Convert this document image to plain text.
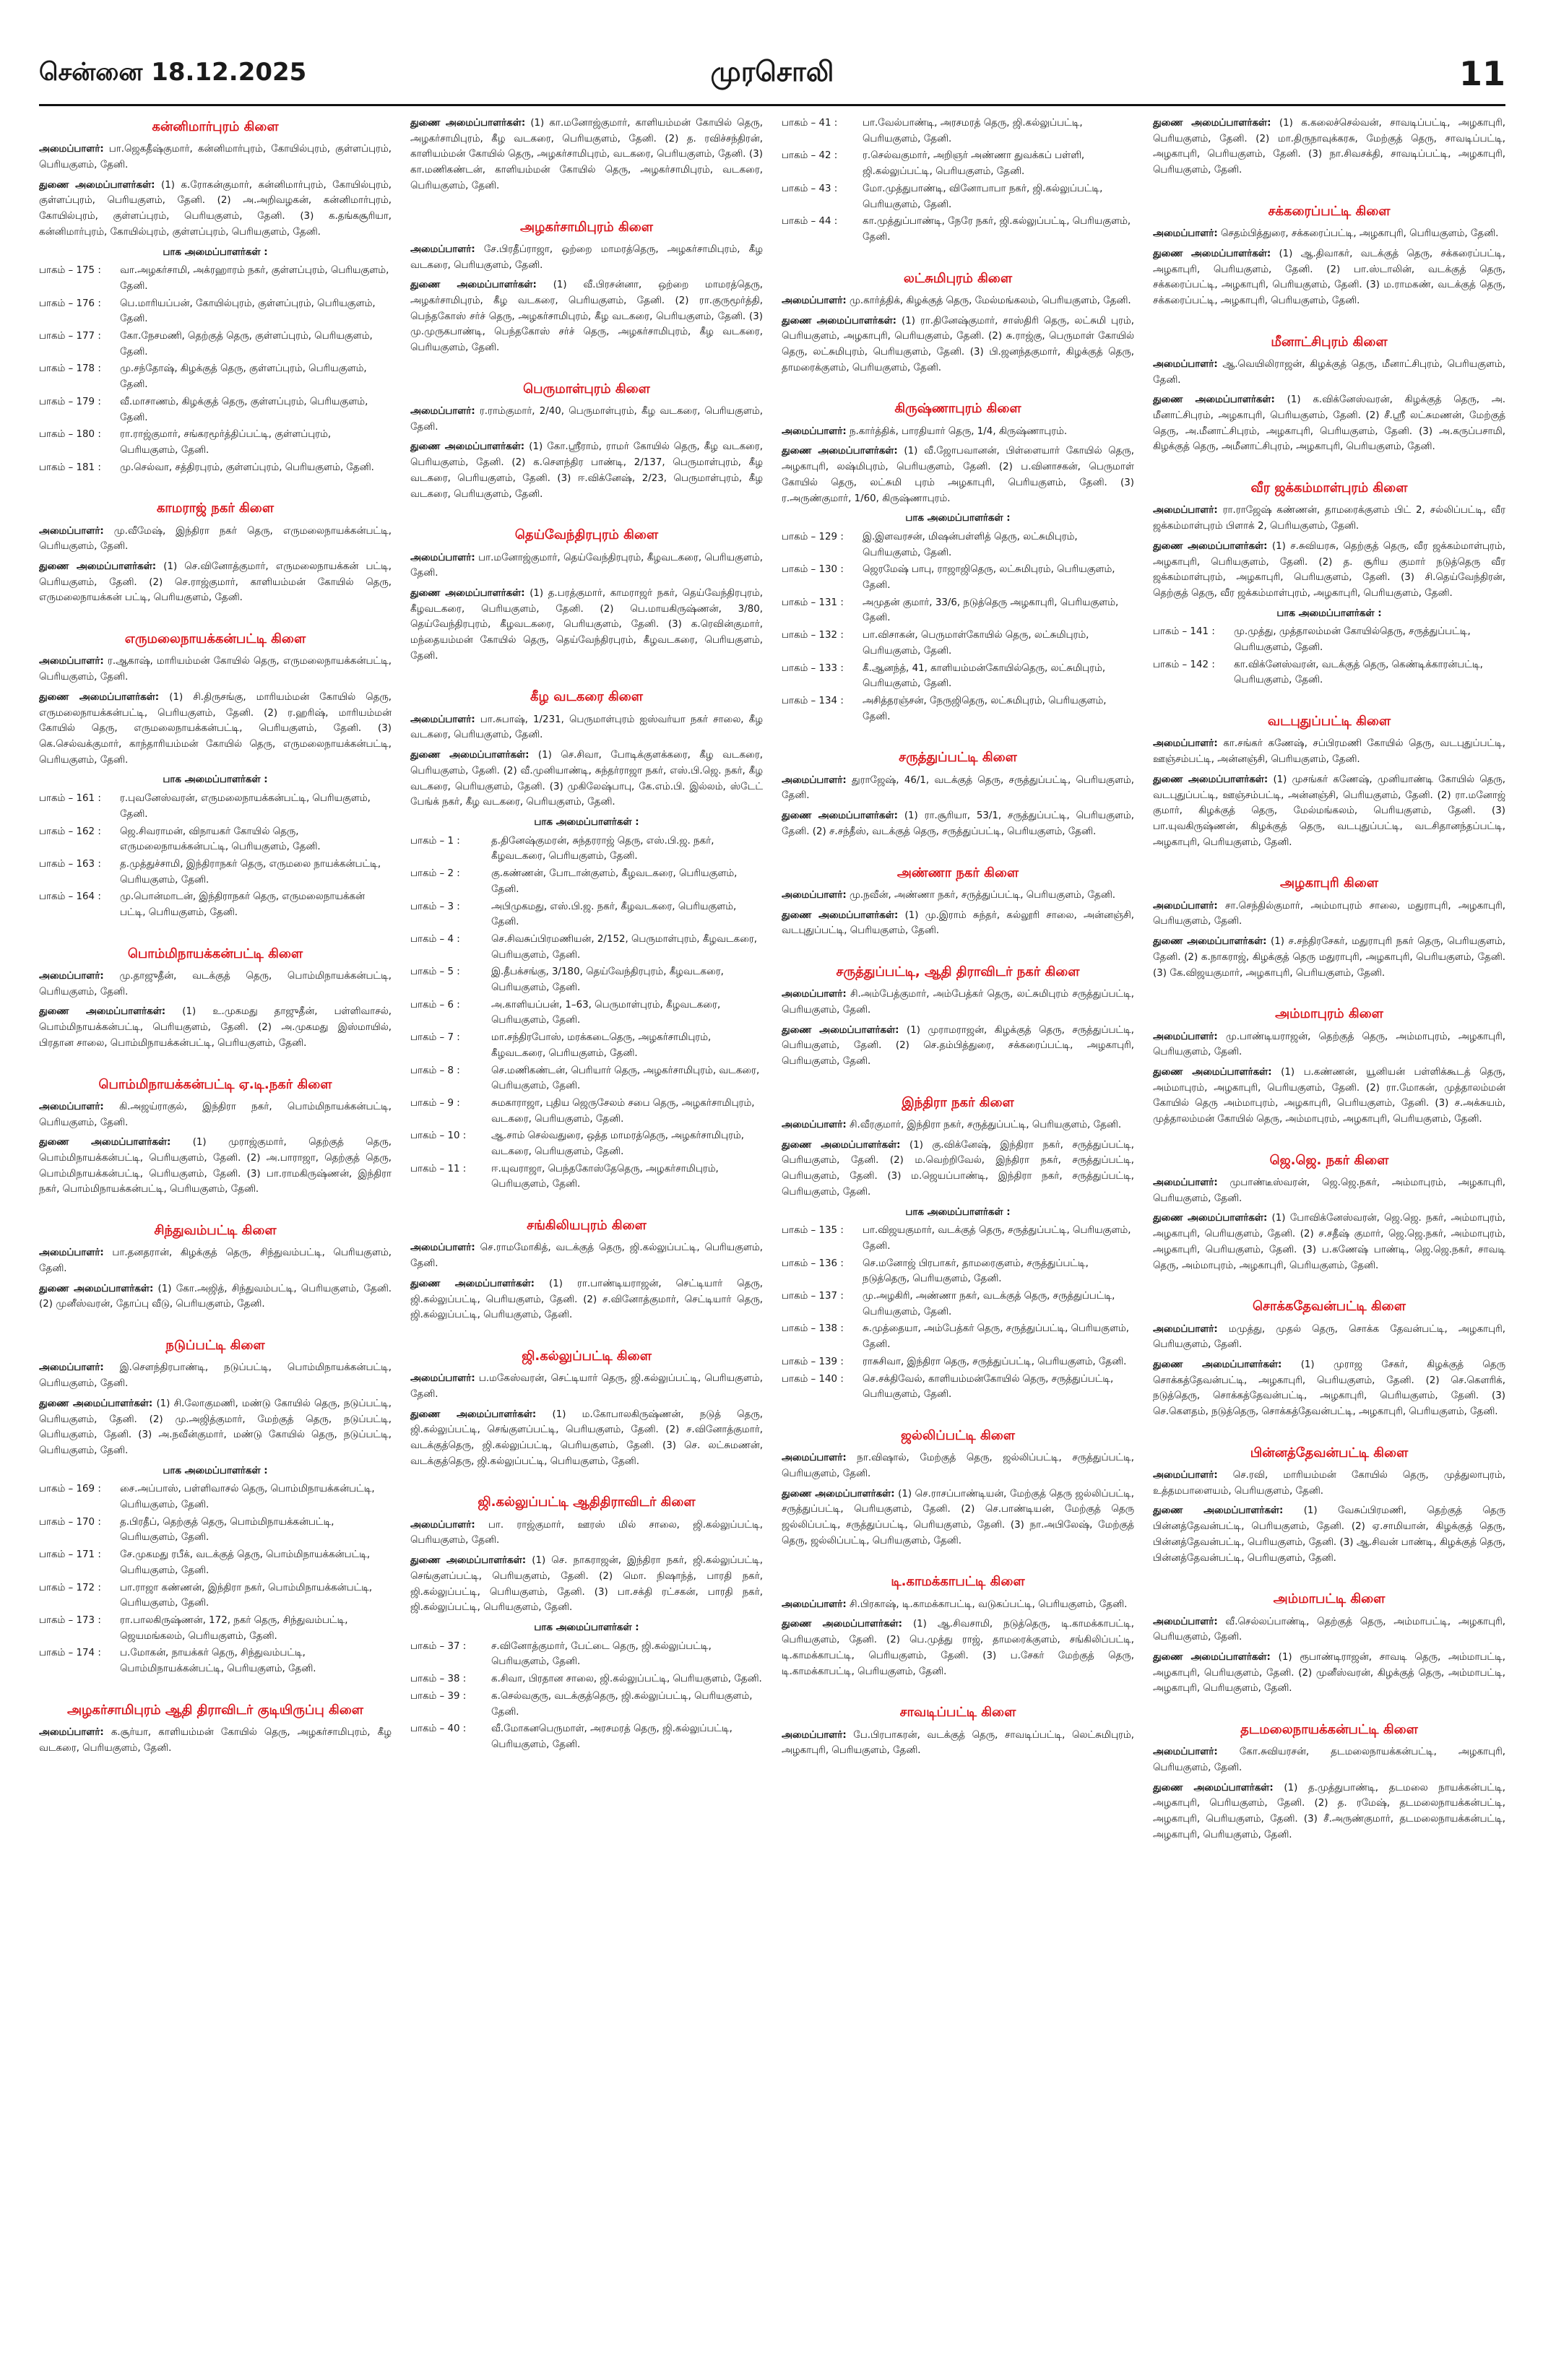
சென்னை 18.12.2025	முரசொலி	11
கன்னிமார்புரம் கிளை
அமைப்பாளர்: பா.ஜெகதீஷ்குமார், கன்னிமார்புரம், கோயில்புரம், குள்ளப்புரம், பெரியகுளம், தேனி.
துணை அமைப்பாளர்கள்: (1) க.ரோகன்குமார், கன்னிமார்புரம், கோயில்புரம், குள்ளப்புரம், பெரியகுளம், தேனி. (2) அ.அறிவழகன், கன்னிமார்புரம், கோயில்புரம், குள்ளப்புரம், பெரியகுளம், தேனி. (3) க.தங்கசூரியா, கன்னிமார்புரம், கோயில்புரம், குள்ளப்புரம், பெரியகுளம், தேனி.
பாக அமைப்பாளர்கள் :
பாகம் – 175 :	வா.அழகர்சாமி, அக்ரஹாரம் நகர், குள்ளப்புரம், பெரியகுளம், தேனி.
பாகம் – 176 :	பெ.மாரியப்பன், கோயில்புரம், குள்ளப்புரம், பெரியகுளம், தேனி.
பாகம் – 177 :	கோ.நேசமணி, தெற்குத் தெரு, குள்ளப்புரம், பெரியகுளம், தேனி.
பாகம் – 178 :	மு.சந்தோஷ், கிழக்குத் தெரு, குள்ளப்புரம், பெரியகுளம், தேனி.
பாகம் – 179 :	வீ.மாசாணம், கிழக்குத் தெரு, குள்ளப்புரம், பெரியகுளம், தேனி.
பாகம் – 180 :	ரா.ராஜ்குமார், சங்கரமூர்த்திப்பட்டி, குள்ளப்புரம், பெரியகுளம், தேனி.
பாகம் – 181 :	மு.செல்வா, சத்திரபுரம், குள்ளப்புரம், பெரியகுளம், தேனி.
காமராஜ் நகர் கிளை
அமைப்பாளர்: மு.வீமேஷ், இந்திரா நகர் தெரு, எருமலைநாயக்கன்பட்டி, பெரியகுளம், தேனி.
துணை அமைப்பாளர்கள்: (1) செ.வினோத்குமார், எருமலைநாயக்கன் பட்டி, பெரியகுளம், தேனி. (2) செ.ராஜ்குமார், காளியம்மன் கோயில் தெரு, எருமலைநாயக்கன் பட்டி, பெரியகுளம், தேனி.
எருமலைநாயக்கன்பட்டி கிளை
அமைப்பாளர்: ர.ஆகாஷ், மாரியம்மன் கோயில் தெரு, எருமலைநாயக்கன்பட்டி, பெரியகுளம், தேனி.
துணை அமைப்பாளர்கள்: (1) சி.திருசங்கு, மாரியம்மன் கோயில் தெரு, எருமலைநாயக்கன்பட்டி, பெரியகுளம், தேனி. (2) ர.ஹரிஷ், மாரியம்மன் கோயில் தெரு, எருமலைநாயக்கன்பட்டி, பெரியகுளம், தேனி. (3) கெ.செல்வக்குமார், காந்தாரியம்மன் கோயில் தெரு, எருமலைநாயக்கன்பட்டி, பெரியகுளம், தேனி.
பாக அமைப்பாளர்கள் :
பாகம் – 161 :	ர.புவனேஸ்வரன், எருமலைநாயக்கன்பட்டி, பெரியகுளம், தேனி.
பாகம் – 162 :	ஜெ.சிவராமன், விநாயகர் கோயில் தெரு, எருமலைநாயக்கன்பட்டி, பெரியகுளம், தேனி.
பாகம் – 163 :	த.முத்துச்சாமி, இந்திராநகர் தெரு, எருமலை நாயக்கன்பட்டி, பெரியகுளம், தேனி.
பாகம் – 164 :	மு.பொன்மாடன், இந்திராநகர் தெரு, எருமலைநாயக்கன் பட்டி, பெரியகுளம், தேனி.
பொம்மிநாயக்கன்பட்டி கிளை
அமைப்பாளர்: மு.தாஜுதீன், வடக்குத் தெரு, பொம்மிநாயக்கன்பட்டி, பெரியகுளம், தேனி.
துணை அமைப்பாளர்கள்: (1) உ.முகமது தாஜுதீன், பள்ளிவாசல், பொம்மிநாயக்கன்பட்டி, பெரியகுளம், தேனி. (2) அ.முகமது இஸ்மாயில், பிரதான சாலை, பொம்மிநாயக்கன்பட்டி, பெரியகுளம், தேனி.
பொம்மிநாயக்கன்பட்டி ஏ.டி.நகர் கிளை
அமைப்பாளர்: கி.அஜய்ராகுல், இந்திரா நகர், பொம்மிநாயக்கன்பட்டி, பெரியகுளம், தேனி.
துணை அமைப்பாளர்கள்: (1) முராஜ்குமார், தெற்குத் தெரு, பொம்மிநாயக்கன்பட்டி, பெரியகுளம், தேனி. (2) அ.பாராஜா, தெற்குத் தெரு, பொம்மிநாயக்கன்பட்டி, பெரியகுளம், தேனி. (3) பா.ராமகிருஷ்ணன், இந்திரா நகர், பொம்மிநாயக்கன்பட்டி, பெரியகுளம், தேனி.
சிந்துவம்பட்டி கிளை
அமைப்பாளர்: பா.தனதரான், கிழக்குத் தெரு, சிந்துவம்பட்டி, பெரியகுளம், தேனி.
துணை அமைப்பாளர்கள்: (1) கோ.அஜித், சிந்துவம்பட்டி, பெரியகுளம், தேனி. (2) முனீஸ்வரன், தோப்பு வீடு, பெரியகுளம், தேனி.
நடுப்பட்டி கிளை
அமைப்பாளர்: இ.செளந்திரபாண்டி, நடுப்பட்டி, பொம்மிநாயக்கன்பட்டி, பெரியகுளம், தேனி.
துணை அமைப்பாளர்கள்: (1) சி.லோகுமணி, மண்டு கோயில் தெரு, நடுப்பட்டி, பெரியகுளம், தேனி. (2) மு.அஜித்குமார், மேற்குத் தெரு, நடுப்பட்டி, பெரியகுளம், தேனி. (3) அ.நவீன்குமார், மண்டு கோயில் தெரு, நடுப்பட்டி, பெரியகுளம், தேனி.
பாக அமைப்பாளர்கள் :
பாகம் – 169 :	சை.அப்பாஸ், பள்ளிவாசல் தெரு, பொம்மிநாயக்கன்பட்டி, பெரியகுளம், தேனி.
பாகம் – 170 :	த.பிரதீப், தெற்குத் தெரு, பொம்மிநாயக்கன்பட்டி, பெரியகுளம், தேனி.
பாகம் – 171 :	சே.முகமது ரபீக், வடக்குத் தெரு, பொம்மிநாயக்கன்பட்டி, பெரியகுளம், தேனி.
பாகம் – 172 :	பா.ராஜா கண்ணன், இந்திரா நகர், பொம்மிநாயக்கன்பட்டி, பெரியகுளம், தேனி.
பாகம் – 173 :	ரா.பாலகிருஷ்ணன், 172, நகர் தெரு, சிந்துவம்பட்டி, ஜெயமங்கலம், பெரியகுளம், தேனி.
பாகம் – 174 :	ப.மோகன், நாயக்கர் தெரு, சிந்துவம்பட்டி, பொம்மிநாயக்கன்பட்டி, பெரியகுளம், தேனி.
அழகர்சாமிபுரம் ஆதி திராவிடர் குடியிருப்பு கிளை
அமைப்பாளர்: க.சூர்யா, காளியம்மன் கோயில் தெரு, அழகர்சாமிபுரம், கீழ வடகரை, பெரியகுளம், தேனி.
துணை அமைப்பாளர்கள்: (1) கா.மனோஜ்குமார், காளியம்மன் கோயில் தெரு, அழகர்சாமிபுரம், கீழ வடகரை, பெரியகுளம், தேனி. (2) த. ரவிச்சந்திரன், காளியம்மன் கோயில் தெரு, அழகர்சாமிபுரம், வடகரை, பெரியகுளம், தேனி. (3) கா.மணிகண்டன், காளியம்மன் கோயில் தெரு, அழகர்சாமிபுரம், வடகரை, பெரியகுளம், தேனி.
அழகர்சாமிபுரம் கிளை
அமைப்பாளர்: சே.பிரதீப்ராஜா, ஒற்றை மாமரத்தெரு, அழகர்சாமிபுரம், கீழ வடகரை, பெரியகுளம், தேனி.
துணை அமைப்பாளர்கள்: (1) வீ.பிரசன்னா, ஒற்றை மாமரத்தெரு, அழகர்சாமிபுரம், கீழ வடகரை, பெரியகுளம், தேனி. (2) ரா.குருமூர்த்தி, பெந்தகோஸ் சர்ச் தெரு, அழகர்சாமிபுரம், கீழ வடகரை, பெரியகுளம், தேனி. (3) மு.முருகபாண்டி, பெந்தகோஸ் சர்ச் தெரு, அழகர்சாமிபுரம், கீழ வடகரை, பெரியகுளம், தேனி.
பெருமாள்புரம் கிளை
அமைப்பாளர்: ர.ராம்குமார், 2/40, பெருமாள்புரம், கீழ வடகரை, பெரியகுளம், தேனி.
துணை அமைப்பாளர்கள்: (1) கோ.ஸ்ரீராம், ராமர் கோயில் தெரு, கீழ வடகரை, பெரியகுளம், தேனி. (2) க.செளந்திர பாண்டி, 2/137, பெருமாள்புரம், கீழ வடகரை, பெரியகுளம், தேனி. (3) ஈ.விக்னேஷ், 2/23, பெருமாள்புரம், கீழ வடகரை, பெரியகுளம், தேனி.
தெய்வேந்திரபுரம் கிளை
அமைப்பாளர்: பா.மனோஜ்குமார், தெய்வேந்திரபுரம், கீழவடகரை, பெரியகுளம், தேனி.
துணை அமைப்பாளர்கள்: (1) த.பரத்குமார், காமராஜர் நகர், தெய்வேந்திரபுரம், கீழவடகரை, பெரியகுளம், தேனி. (2) பெ.மாயகிருஷ்ணன், 3/80, தெய்வேந்திரபுரம், கீழவடகரை, பெரியகுளம், தேனி. (3) க.ரெவின்குமார், மந்தையம்மன் கோயில் தெரு, தெய்வேந்திரபுரம், கீழவடகரை, பெரியகுளம், தேனி.
கீழ வடகரை கிளை
அமைப்பாளர்: பா.சுபாஷ், 1/231, பெருமாள்புரம் ஐஸ்வர்யா நகர் சாலை, கீழ வடகரை, பெரியகுளம், தேனி.
துணை அமைப்பாளர்கள்: (1) செ.சிவா, போடிக்குளக்கரை, கீழ வடகரை, பெரியகுளம், தேனி. (2) வீ.முனியாண்டி, சுந்தர்ராஜா நகர், எஸ்.பி.ஜெ. நகர், கீழ வடகரை, பெரியகுளம், தேனி. (3) முகிலேஷ்பாபு, கே.எம்.பி. இல்லம், ஸ்டேட் பேங்க் நகர், கீழ வடகரை, பெரியகுளம், தேனி.
பாக அமைப்பாளர்கள் :
பாகம் – 1 :	த.தினேஷ்குமரன், சுந்தரராஜ் தெரு, எஸ்.பி.ஜ. நகர், கீழவடகரை, பெரியகுளம், தேனி.
பாகம் – 2 :	கு.கண்ணன், போடான்குளம், கீழவடகரை, பெரியகுளம், தேனி.
பாகம் – 3 :	அபிமுகமது, எஸ்.பி.ஜ. நகர், கீழவடகரை, பெரியகுளம், தேனி.
பாகம் – 4 :	செ.சிவசுப்பிரமணியன், 2/152, பெருமாள்புரம், கீழவடகரை, பெரியகுளம், தேனி.
பாகம் – 5 :	இ.தீபக்சங்கு, 3/180, தெய்வேந்திரபுரம், கீழவடகரை, பெரியகுளம், தேனி.
பாகம் – 6 :	அ.காளியப்பன், 1–63, பெருமாள்புரம், கீழவடகரை, பெரியகுளம், தேனி.
பாகம் – 7 :	மா.சந்திரபோஸ், மரக்கடைதெரு, அழகர்சாமிபுரம், கீழவடகரை, பெரியகுளம், தேனி.
பாகம் – 8 :	செ.மணிகண்டன், பெரியார் தெரு, அழகர்சாமிபுரம், வடகரை, பெரியகுளம், தேனி.
பாகம் – 9 :	சுமகாராஜா, புதிய ஜெருசேலம் சபை தெரு, அழகர்சாமிபுரம், வடகரை, பெரியகுளம், தேனி.
பாகம் – 10 :	ஆ.சாம் செல்வதுரை, ஒத்த மாமரத்தெரு, அழகர்சாமிபுரம், வடகரை, பெரியகுளம், தேனி.
பாகம் – 11 :	ஈ.யுவராஜா, பெந்தகோஸ்தேதெரு, அழகர்சாமிபுரம், பெரியகுளம், தேனி.
சங்கிலியபுரம் கிளை
அமைப்பாளர்: செ.ராமமோகித், வடக்குத் தெரு, ஜி.கல்லுப்பட்டி, பெரியகுளம், தேனி.
துணை அமைப்பாளர்கள்: (1) ரா.பாண்டியராஜன், செட்டியார் தெரு, ஜி.கல்லுப்பட்டி, பெரியகுளம், தேனி. (2) ச.வினோத்குமார், செட்டியார் தெரு, ஜி.கல்லுப்பட்டி, பெரியகுளம், தேனி.
ஜி.கல்லுப்பட்டி கிளை
அமைப்பாளர்: ப.மகேஸ்வரன், செட்டியார் தெரு, ஜி.கல்லுப்பட்டி, பெரியகுளம், தேனி.
துணை அமைப்பாளர்கள்: (1) ம.கோபாலகிருஷ்ணன், நடுத் தெரு, ஜி.கல்லுப்பட்டி, செங்குளப்பட்டி, பெரியகுளம், தேனி. (2) ச.வினோத்குமார், வடக்குத்தெரு, ஜி.கல்லுப்பட்டி, பெரியகுளம், தேனி. (3) செ. லட்சுமணன், வடக்குத்தெரு, ஜி.கல்லுப்பட்டி, பெரியகுளம், தேனி.
ஜி.கல்லுப்பட்டி ஆதிதிராவிடர் கிளை
அமைப்பாளர்: பா. ராஜ்குமார், ஊரஸ் மில் சாலை, ஜி.கல்லுப்பட்டி, பெரியகுளம், தேனி.
துணை அமைப்பாளர்கள்: (1) செ. நாகராஜன், இந்திரா நகர், ஜி.கல்லுப்பட்டி, செங்குளப்பட்டி, பெரியகுளம், தேனி. (2) மொ. நிஷாந்த், பாரதி நகர், ஜி.கல்லுப்பட்டி, பெரியகுளம், தேனி. (3) பா.சக்தி ரட்சகன், பாரதி நகர், ஜி.கல்லுப்பட்டி, பெரியகுளம், தேனி.
பாக அமைப்பாளர்கள் :
பாகம் – 37 :	ச.வினோத்குமார், பேட்டை தெரு, ஜி.கல்லுப்பட்டி, பெரியகுளம், தேனி.
பாகம் – 38 :	க.சிவா, பிரதான சாலை, ஜி.கல்லுப்பட்டி, பெரியகுளம், தேனி.
பாகம் – 39 :	க.செல்வகுரு, வடக்குத்தெரு, ஜி.கல்லுப்பட்டி, பெரியகுளம், தேனி.
பாகம் – 40 :	வீ.மோகனபெருமாள், அரசமரத் தெரு, ஜி.கல்லுப்பட்டி, பெரியகுளம், தேனி.
பாகம் – 41 :	பா.வேல்பாண்டி, அரசமரத் தெரு, ஜி.கல்லுப்பட்டி, பெரியகுளம், தேனி.
பாகம் – 42 :	ர.செல்வகுமார், அறிஞர் அண்ணா துவக்கப் பள்ளி, ஜி.கல்லுப்பட்டி, பெரியகுளம், தேனி.
பாகம் – 43 :	மோ.முத்துபாண்டி, வினோபாபா நகர், ஜி.கல்லுப்பட்டி, பெரியகுளம், தேனி.
பாகம் – 44 :	கா.முத்துப்பாண்டி, நேரே நகர், ஜி.கல்லுப்பட்டி, பெரியகுளம், தேனி.
லட்சுமிபுரம் கிளை
அமைப்பாளர்: மு.கார்த்திக், கிழக்குத் தெரு, மேல்மங்கலம், பெரியகுளம், தேனி.
துணை அமைப்பாளர்கள்: (1) ரா.தினேஷ்குமார், சாஸ்திரி தெரு, லட்சுமி புரம், பெரியகுளம், அழகாபுரி, பெரியகுளம், தேனி. (2) சு.ராஜ்கு, பெருமாள் கோயில் தெரு, லட்சுமிபுரம், பெரியகுளம், தேனி. (3) பி.ஜனந்தகுமார், கிழக்குத் தெரு, தாமரைக்குளம், பெரியகுளம், தேனி.
கிருஷ்ணாபுரம் கிளை
அமைப்பாளர்: ந.கார்த்திக், பாரதியார் தெரு, 1/4, கிருஷ்ணாபுரம்.
துணை அமைப்பாளர்கள்: (1) வீ.ஜோபவானன், பிள்ளையார் கோயில் தெரு, அழகாபுரி, லஷ்மிபுரம், பெரியகுளம், தேனி. (2) ப.வினாசகன், பெருமாள் கோயில் தெரு, லட்சுமி புரம் அழகாபுரி, பெரியகுளம், தேனி. (3) ர.அருண்குமார், 1/60, கிருஷ்ணாபுரம்.
பாக அமைப்பாளர்கள் :
பாகம் – 129 :	இ.இளவரசன், மிஷன்பள்ளித் தெரு, லட்சுமிபுரம், பெரியகுளம், தேனி.
பாகம் – 130 :	ஜெரமேஷ் பாபு, ராஜாஜிதெரு, லட்சுமிபுரம், பெரியகுளம், தேனி.
பாகம் – 131 :	அமுதன் குமார், 33/6, நடுத்தெரு அழகாபுரி, பெரியகுளம், தேனி.
பாகம் – 132 :	பா.விசாகன், பெருமாள்கோயில் தெரு, லட்சுமிபுரம், பெரியகுளம், தேனி.
பாகம் – 133 :	கீ.ஆனந்த், 41, காளியம்மன்கோயில்தெரு, லட்சுமிபுரம், பெரியகுளம், தேனி.
பாகம் – 134 :	அசித்தரஞ்சன், நேருஜிதெரு, லட்சுமிபுரம், பெரியகுளம், தேனி.
சருத்துப்பட்டி கிளை
அமைப்பாளர்: துராஜேஷ், 46/1, வடக்குத் தெரு, சருத்துப்பட்டி, பெரியகுளம், தேனி.
துணை அமைப்பாளர்கள்: (1) ரா.சூரியா, 53/1, சருத்துப்பட்டி, பெரியகுளம், தேனி. (2) ச.சந்தீஸ், வடக்குத் தெரு, சருத்துப்பட்டி, பெரியகுளம், தேனி.
அண்ணா நகர் கிளை
அமைப்பாளர்: மு.நவீன், அண்ணா நகர், சருத்துப்பட்டி, பெரியகுளம், தேனி.
துணை அமைப்பாளர்கள்: (1) மு.இராம் சுந்தர், கல்லூரி சாலை, அன்னஞ்சி, வடபுதுப்பட்டி, பெரியகுளம், தேனி.
சருத்துப்பட்டி, ஆதி திராவிடர் நகர் கிளை
அமைப்பாளர்: சி.அம்பேத்குமார், அம்பேத்கர் தெரு, லட்சுமிபுரம் சருத்துப்பட்டி, பெரியகுளம், தேனி.
துணை அமைப்பாளர்கள்: (1) முராமராஜன், கிழக்குத் தெரு, சருத்துப்பட்டி, பெரியகுளம், தேனி. (2) செ.தம்பித்துரை, சக்கரைப்பட்டி, அழகாபுரி, பெரியகுளம், தேனி.
இந்திரா நகர் கிளை
அமைப்பாளர்: சி.வீரகுமார், இந்திரா நகர், சருத்துப்பட்டி, பெரியகுளம், தேனி.
துணை அமைப்பாளர்கள்: (1) கு.விக்னேஷ், இந்திரா நகர், சருத்துப்பட்டி, பெரியகுளம், தேனி. (2) ம.வெற்றிவேல், இந்திரா நகர், சருத்துப்பட்டி, பெரியகுளம், தேனி. (3) ம.ஜெயப்பாண்டி, இந்திரா நகர், சருத்துப்பட்டி, பெரியகுளம், தேனி.
பாக அமைப்பாளர்கள் :
பாகம் – 135 :	பா.விஜயகுமார், வடக்குத் தெரு, சருத்துப்பட்டி, பெரியகுளம், தேனி.
பாகம் – 136 :	செ.மனோஜ் பிரபாகர், தாமரைகுளம், சருத்துப்பட்டி, நடுத்தெரு, பெரியகுளம், தேனி.
பாகம் – 137 :	மு.அழகிரி, அண்ணா நகர், வடக்குத் தெரு, சருத்துப்பட்டி, பெரியகுளம், தேனி.
பாகம் – 138 :	சு.முத்தையா, அம்பேத்கர் தெரு, சருத்துப்பட்டி, பெரியகுளம், தேனி.
பாகம் – 139 :	ராசுசிவா, இந்திரா தெரு, சருத்துப்பட்டி, பெரியகுளம், தேனி.
பாகம் – 140 :	செ.சக்திவேல், காளியம்மன்கோயில் தெரு, சருத்துப்பட்டி, பெரியகுளம், தேனி.
ஜல்லிப்பட்டி கிளை
அமைப்பாளர்: நா.விஷால், மேற்குத் தெரு, ஜல்லிப்பட்டி, சருத்துப்பட்டி, பெரியகுளம், தேனி.
துணை அமைப்பாளர்கள்: (1) செ.ராசப்பாண்டியன், மேற்குத் தெரு ஜல்லிப்பட்டி, சருத்துப்பட்டி, பெரியகுளம், தேனி. (2) செ.பாண்டியன், மேற்குத் தெரு ஜல்லிப்பட்டி, சருத்துப்பட்டி, பெரியகுளம், தேனி. (3) நா.அபிலேஷ், மேற்குத் தெரு, ஜல்லிப்பட்டி, பெரியகுளம், தேனி.
டி.காமக்காபட்டி கிளை
அமைப்பாளர்: சி.பிரகாஷ், டி.காமக்காபட்டி, வடுகப்பட்டி, பெரியகுளம், தேனி.
துணை அமைப்பாளர்கள்: (1) ஆ.சிவசாமி, நடுத்தெரு, டி.காமக்காபட்டி, பெரியகுளம், தேனி. (2) பெ.முத்து ராஜ், தாமரைக்குளம், சங்கிலிப்பட்டி, டி.காமக்காபட்டி, பெரியகுளம், தேனி. (3) ப.சேகர் மேற்குத் தெரு, டி.காமக்காபட்டி, பெரியகுளம், தேனி.
சாவடிப்பட்டி கிளை
அமைப்பாளர்: பே.பிரபாகரன், வடக்குத் தெரு, சாவடிப்பட்டி, லெட்சுமிபுரம், அழகாபுரி, பெரியகுளம், தேனி.
துணை அமைப்பாளர்கள்: (1) க.கலைச்செல்வன், சாவடிப்பட்டி, அழகாபுரி, பெரியகுளம், தேனி. (2) மா.திருநாவுக்கரசு, மேற்குத் தெரு, சாவடிப்பட்டி, அழகாபுரி, பெரியகுளம், தேனி. (3) நா.சிவசக்தி, சாவடிப்பட்டி, அழகாபுரி, பெரியகுளம், தேனி.
சக்கரைப்பட்டி கிளை
அமைப்பாளர்: செதம்பித்துரை, சக்கரைப்பட்டி, அழகாபுரி, பெரியகுளம், தேனி.
துணை அமைப்பாளர்கள்: (1) ஆ.திவாகர், வடக்குத் தெரு, சக்கரைப்பட்டி, அழகாபுரி, பெரியகுளம், தேனி. (2) பா.ஸ்டாலின், வடக்குத் தெரு, சக்கரைப்பட்டி, அழகாபுரி, பெரியகுளம், தேனி. (3) ம.ராமகண், வடக்குத் தெரு, சக்கரைப்பட்டி, அழகாபுரி, பெரியகுளம், தேனி.
மீனாட்சிபுரம் கிளை
அமைப்பாளர்: ஆ.வெயிலிராஜன், கிழக்குத் தெரு, மீனாட்சிபுரம், பெரியகுளம், தேனி.
துணை அமைப்பாளர்கள்: (1) க.விக்னேஸ்வரன், கிழக்குத் தெரு, அ. மீனாட்சிபுரம், அழகாபுரி, பெரியகுளம், தேனி. (2) சீ.ஸ்ரீ லட்சுமணன், மேற்குத் தெரு, அ.மீனாட்சிபுரம், அழகாபுரி, பெரியகுளம், தேனி. (3) அ.கருப்பசாமி, கிழக்குத் தெரு, அமீனாட்சிபுரம், அழகாபுரி, பெரியகுளம், தேனி.
வீர ஜக்கம்மாள்புரம் கிளை
அமைப்பாளர்: ரா.ராஜேஷ் கண்ணன், தாமரைக்குளம் பிட் 2, சல்லிப்பட்டி, வீர ஜக்கம்மாள்புரம் பிளாக் 2, பெரியகுளம், தேனி.
துணை அமைப்பாளர்கள்: (1) ச.சுவியரசு, தெற்குத் தெரு, வீர ஜக்கம்மாள்புரம், அழகாபுரி, பெரியகுளம், தேனி. (2) த. சூரிய குமார் நடுத்தெரு வீர ஜக்கம்மாள்புரம், அழகாபுரி, பெரியகுளம், தேனி. (3) சி.தெய்வேந்திரன், தெற்குத் தெரு, வீர ஜக்கம்மாள்புரம், அழகாபுரி, பெரியகுளம், தேனி.
பாக அமைப்பாளர்கள் :
பாகம் – 141 :	மு.முத்து, முத்தாலம்மன் கோயில்தெரு, சருத்துப்பட்டி, பெரியகுளம், தேனி.
பாகம் – 142 :	கா.விக்னேஸ்வரன், வடக்குத் தெரு, கெண்டிக்காரன்பட்டி, பெரியகுளம், தேனி.
வடபுதுப்பட்டி கிளை
அமைப்பாளர்: கா.சங்கர் கணேஷ், சப்பிரமணி கோயில் தெரு, வடபுதுப்பட்டி, ஊஞ்சம்பட்டி, அன்னஞ்சி, பெரியகுளம், தேனி.
துணை அமைப்பாளர்கள்: (1) முசங்கர் கணேஷ், முனியாண்டி கோயில் தெரு, வடபுதுப்பட்டி, ஊஞ்சம்பட்டி, அன்னஞ்சி, பெரியகுளம், தேனி. (2) ரா.மனோஜ் குமார், கிழக்குத் தெரு, மேல்மங்கலம், பெரியகுளம், தேனி. (3) பா.யுவகிருஷ்ணன், கிழக்குத் தெரு, வடபுதுப்பட்டி, வடசிதானந்தப்பட்டி, அழகாபுரி, பெரியகுளம், தேனி.
அழகாபுரி கிளை
அமைப்பாளர்: சா.செந்தில்குமார், அம்மாபுரம் சாலை, மதுராபுரி, அழகாபுரி, பெரியகுளம், தேனி.
துணை அமைப்பாளர்கள்: (1) ச.சந்திரசேகர், மதுராபுரி நகர் தெரு, பெரியகுளம், தேனி. (2) க.நாகராஜ், கிழக்குத் தெரு மதுராபுரி, அழகாபுரி, பெரியகுளம், தேனி. (3) கே.விஜயகுமார், அழகாபுரி, பெரியகுளம், தேனி.
அம்மாபுரம் கிளை
அமைப்பாளர்: மு.பாண்டியராஜன், தெற்குத் தெரு, அம்மாபுரம், அழகாபுரி, பெரியகுளம், தேனி.
துணை அமைப்பாளர்கள்: (1) ப.கண்ணன், யூனியன் பள்ளிக்கூடத் தெரு, அம்மாபுரம், அழகாபுரி, பெரியகுளம், தேனி. (2) ரா.மோகன், முத்தாலம்மன் கோயில் தெரு அம்மாபுரம், அழகாபுரி, பெரியகுளம், தேனி. (3) ச.அக்சுயம், முத்தாலம்மன் கோயில் தெரு, அம்மாபுரம், அழகாபுரி, பெரியகுளம், தேனி.
ஜெ.ஜெ. நகர் கிளை
அமைப்பாளர்: முபாண்டீஸ்வரன், ஜெ.ஜெ.நகர், அம்மாபுரம், அழகாபுரி, பெரியகுளம், தேனி.
துணை அமைப்பாளர்கள்: (1) போவிக்னேஸ்வரன், ஜெ.ஜெ. நகர், அம்மாபுரம், அழகாபுரி, பெரியகுளம், தேனி. (2) ச.சதீஷ் குமார், ஜெ.ஜெ.நகர், அம்மாபுரம், அழகாபுரி, பெரியகுளம், தேனி. (3) ப.கணேஷ் பாண்டி, ஜெ.ஜெ.நகர், சாவடி தெரு, அம்மாபுரம், அழகாபுரி, பெரியகுளம், தேனி.
சொக்கதேவன்பட்டி கிளை
அமைப்பாளர்: மமுத்து, முதல் தெரு, சொக்க தேவன்பட்டி, அழகாபுரி, பெரியகுளம், தேனி.
துணை அமைப்பாளர்கள்: (1) முராஜ சேகர், கிழக்குத் தெரு சொக்கத்தேவன்பட்டி, அழகாபுரி, பெரியகுளம், தேனி. (2) செ.கௌரிக், நடுத்தெரு, சொக்கத்தேவன்பட்டி, அழகாபுரி, பெரியகுளம், தேனி. (3) செ.கௌதம், நடுத்தெரு, சொக்கத்தேவன்பட்டி, அழகாபுரி, பெரியகுளம், தேனி.
பின்னத்தேவன்பட்டி கிளை
அமைப்பாளர்: செ.ரவி, மாரியம்மன் கோயில் தெரு, முத்துலாபுரம், உத்தமபாளையம், பெரியகுளம், தேனி.
துணை அமைப்பாளர்கள்: (1) வேசுப்பிரமணி, தெற்குத் தெரு பின்னத்தேவன்பட்டி, பெரியகுளம், தேனி. (2) ஏ.சாமியான், கிழக்குத் தெரு, பின்னத்தேவன்பட்டி, பெரியகுளம், தேனி. (3) ஆ.சிவன் பாண்டி, கிழக்குத் தெரு, பின்னத்தேவன்பட்டி, பெரியகுளம், தேனி.
அம்மாபட்டி கிளை
அமைப்பாளர்: வீ.செல்லப்பாண்டி, தெற்குத் தெரு, அம்மாபட்டி, அழகாபுரி, பெரியகுளம், தேனி.
துணை அமைப்பாளர்கள்: (1) ரூபாண்டிராஜன், சாவடி தெரு, அம்மாபட்டி, அழகாபுரி, பெரியகுளம், தேனி. (2) முனீஸ்வரன், கிழக்குத் தெரு, அம்மாபட்டி, அழகாபுரி, பெரியகுளம், தேனி.
தடமலைநாயக்கன்பட்டி கிளை
அமைப்பாளர்: கோ.சுவியரசன், தடமலைநாயக்கன்பட்டி, அழகாபுரி, பெரியகுளம், தேனி.
துணை அமைப்பாளர்கள்: (1) த.முத்துபாண்டி, தடமலை நாயக்கன்பட்டி, அழகாபுரி, பெரியகுளம், தேனி. (2) த. ரமேஷ், தடமலைநாயக்கன்பட்டி, அழகாபுரி, பெரியகுளம், தேனி. (3) சீ.அருண்குமார், தடமலைநாயக்கன்பட்டி, அழகாபுரி, பெரியகுளம், தேனி.
